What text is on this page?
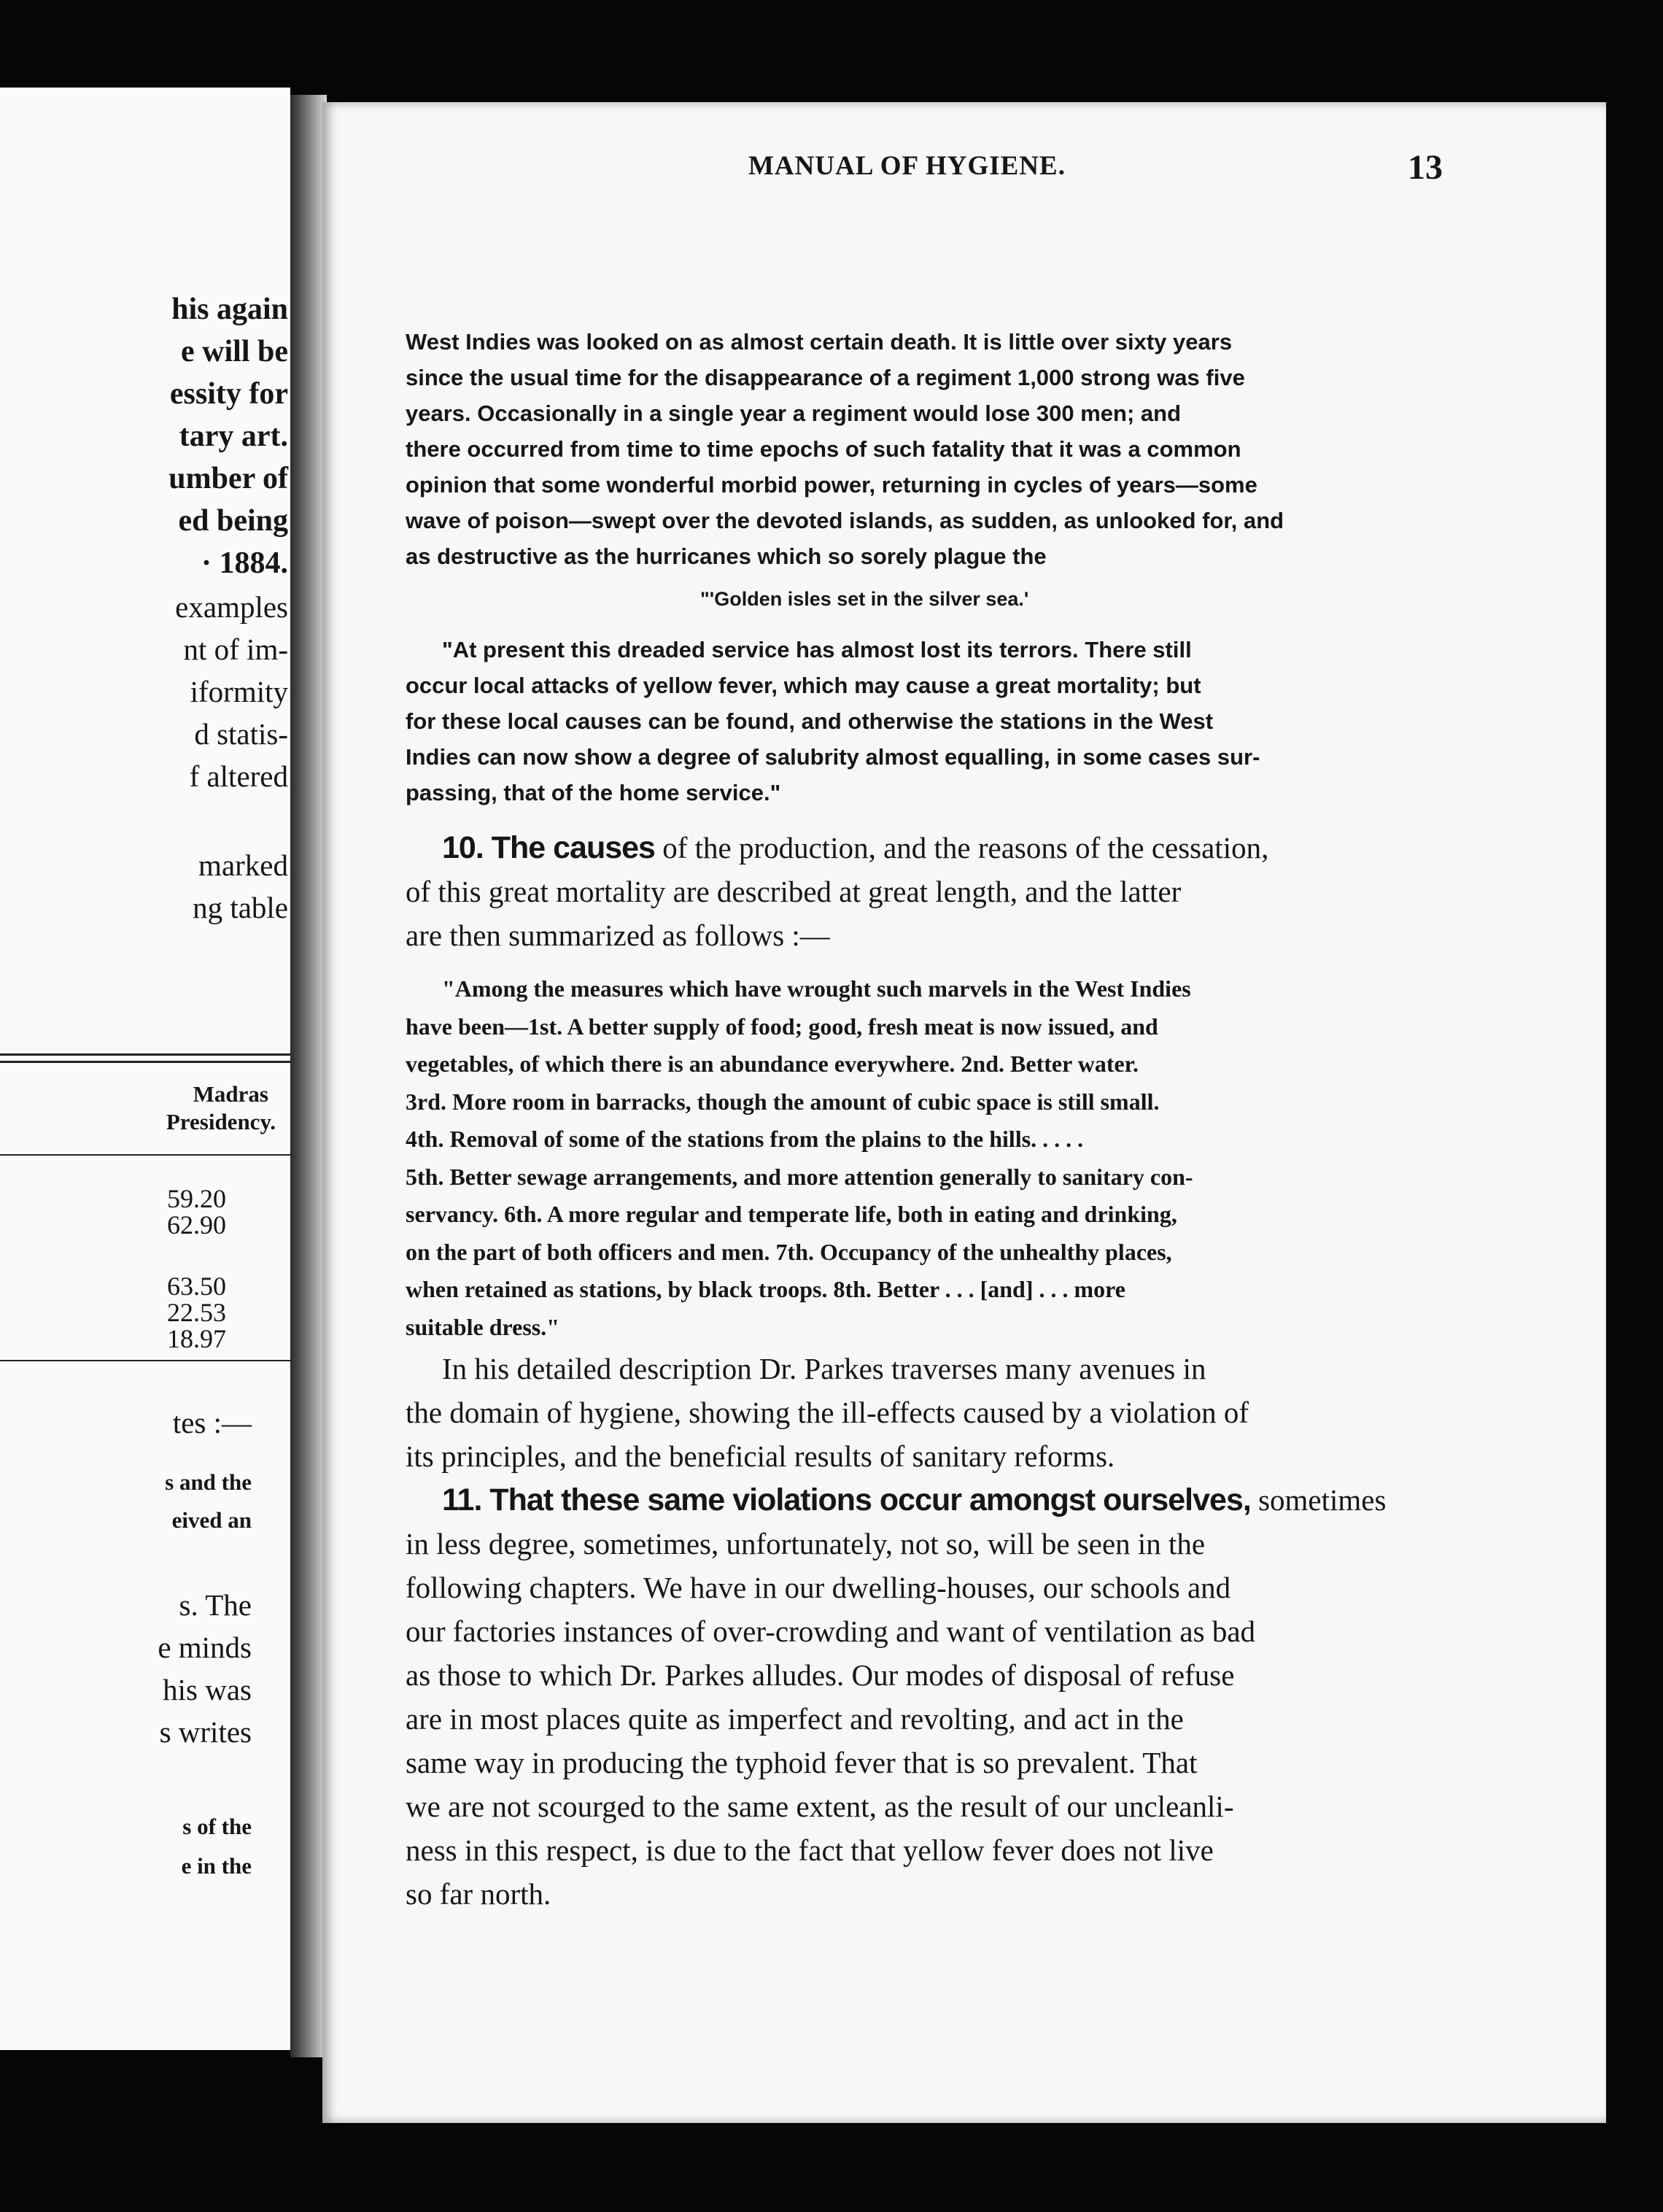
his again
e will be
essity for
tary art.
umber of
ed being
· 1884.
examples
nt of im-
iformity
d statis-
f altered
marked
ng table
Madras
Presidency.
59.20
62.90
63.50
22.53
18.97
tes :—
s and the
eived an
s. The
e minds
his was
s writes
s of the
e in the
MANUAL OF HYGIENE.	13
West Indies was looked on as almost certain death. It is little over sixty years
since the usual time for the disappearance of a regiment 1,000 strong was five
years. Occasionally in a single year a regiment would lose 300 men; and
there occurred from time to time epochs of such fatality that it was a common
opinion that some wonderful morbid power, returning in cycles of years—some
wave of poison—swept over the devoted islands, as sudden, as unlooked for, and
as destructive as the hurricanes which so sorely plague the
"'Golden isles set in the silver sea.'
"At present this dreaded service has almost lost its terrors. There still
occur local attacks of yellow fever, which may cause a great mortality; but
for these local causes can be found, and otherwise the stations in the West
Indies can now show a degree of salubrity almost equalling, in some cases sur-
passing, that of the home service."
10. The causes of the production, and the reasons of the cessation,
of this great mortality are described at great length, and the latter
are then summarized as follows :—
"Among the measures which have wrought such marvels in the West Indies
have been—1st. A better supply of food; good, fresh meat is now issued, and
vegetables, of which there is an abundance everywhere. 2nd. Better water.
3rd. More room in barracks, though the amount of cubic space is still small.
4th. Removal of some of the stations from the plains to the hills. . . . .
5th. Better sewage arrangements, and more attention generally to sanitary con-
servancy. 6th. A more regular and temperate life, both in eating and drinking,
on the part of both officers and men. 7th. Occupancy of the unhealthy places,
when retained as stations, by black troops. 8th. Better . . . [and] . . . more
suitable dress."
In his detailed description Dr. Parkes traverses many avenues in
the domain of hygiene, showing the ill-effects caused by a violation of
its principles, and the beneficial results of sanitary reforms.
11. That these same violations occur amongst ourselves, sometimes
in less degree, sometimes, unfortunately, not so, will be seen in the
following chapters. We have in our dwelling-houses, our schools and
our factories instances of over-crowding and want of ventilation as bad
as those to which Dr. Parkes alludes. Our modes of disposal of refuse
are in most places quite as imperfect and revolting, and act in the
same way in producing the typhoid fever that is so prevalent. That
we are not scourged to the same extent, as the result of our uncleanli-
ness in this respect, is due to the fact that yellow fever does not live
so far north.
